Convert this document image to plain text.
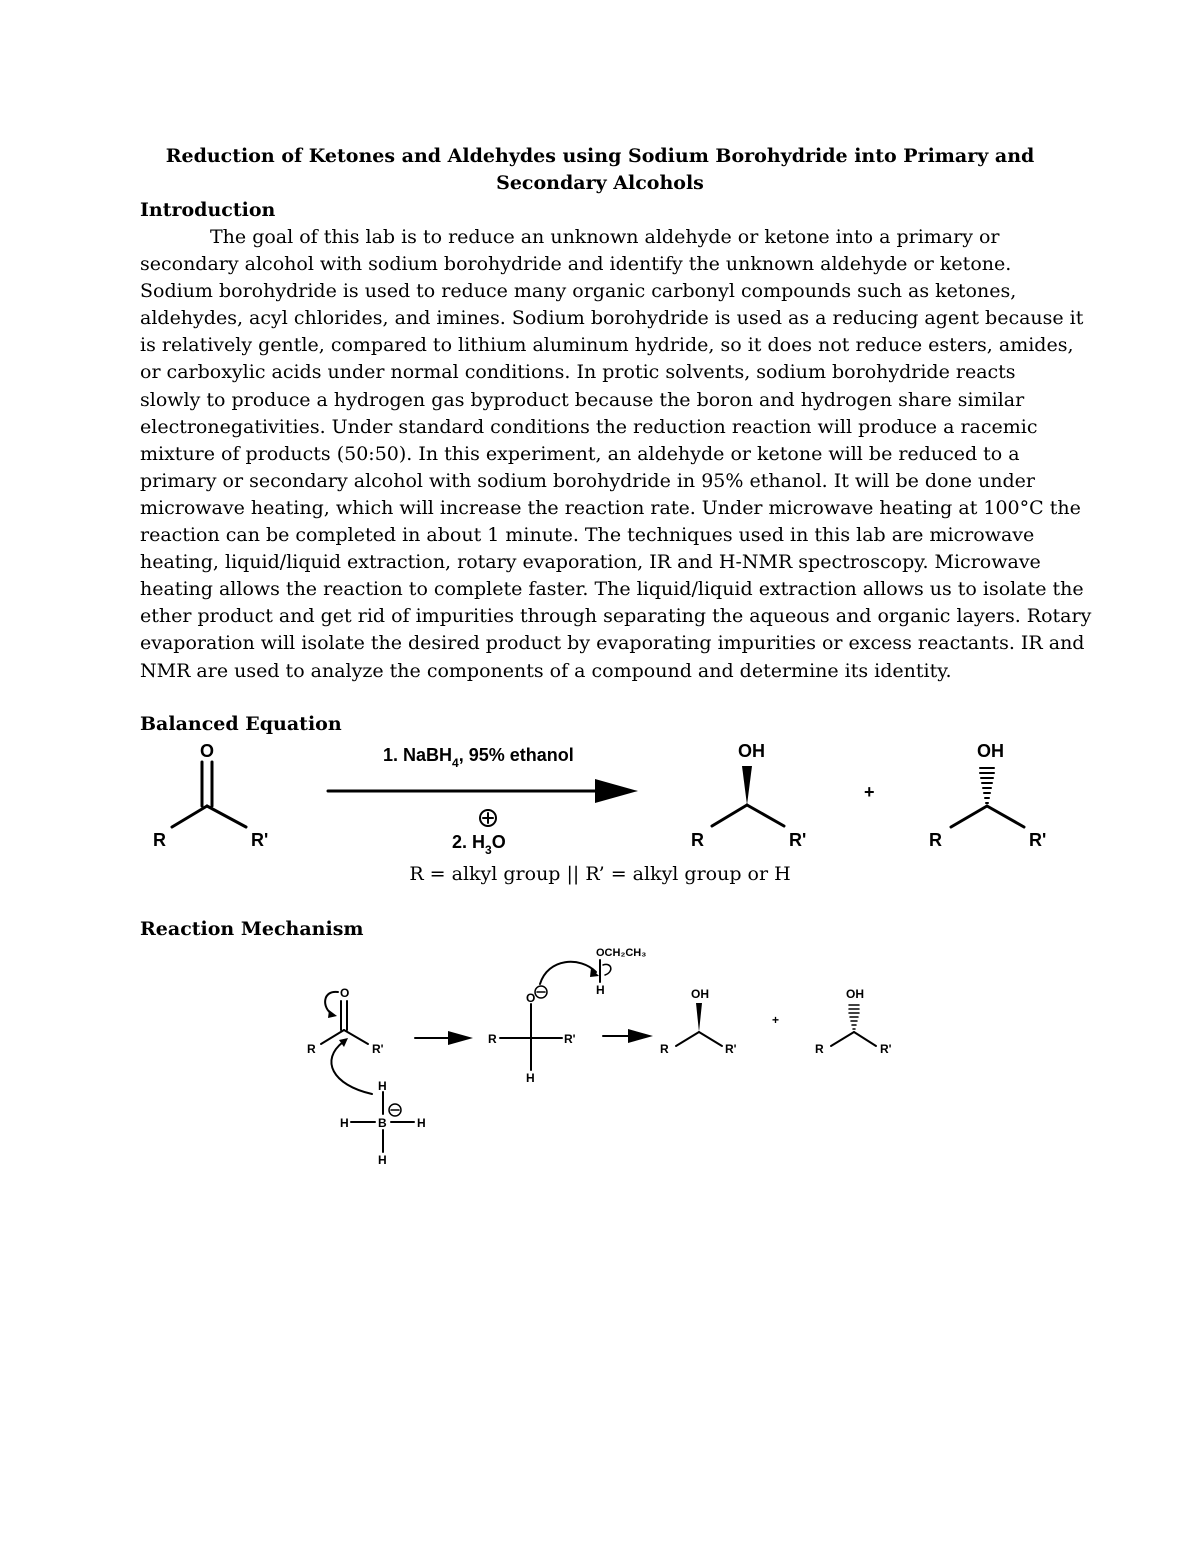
Reduction of Ketones and Aldehydes using Sodium Borohydride into Primary and
Secondary Alcohols
Introduction
The goal of this lab is to reduce an unknown aldehyde or ketone into a primary or
secondary alcohol with sodium borohydride and identify the unknown aldehyde or ketone.
Sodium borohydride is used to reduce many organic carbonyl compounds such as ketones,
aldehydes, acyl chlorides, and imines. Sodium borohydride is used as a reducing agent because it
is relatively gentle, compared to lithium aluminum hydride, so it does not reduce esters, amides,
or carboxylic acids under normal conditions. In protic solvents, sodium borohydride reacts
slowly to produce a hydrogen gas byproduct because the boron and hydrogen share similar
electronegativities. Under standard conditions the reduction reaction will produce a racemic
mixture of products (50:50). In this experiment, an aldehyde or ketone will be reduced to a
primary or secondary alcohol with sodium borohydride in 95% ethanol. It will be done under
microwave heating, which will increase the reaction rate. Under microwave heating at 100°C the
reaction can be completed in about 1 minute. The techniques used in this lab are microwave
heating, liquid/liquid extraction, rotary evaporation, IR and H-NMR spectroscopy. Microwave
heating allows the reaction to complete faster. The liquid/liquid extraction allows us to isolate the
ether product and get rid of impurities through separating the aqueous and organic layers. Rotary
evaporation will isolate the desired product by evaporating impurities or excess reactants. IR and
NMR are used to analyze the components of a compound and determine its identity.
Balanced Equation
O
R	R'
1. NaBH$_4$, 95% ethanol
2. $H_3O$
OH
R	R'
+
OH
R	R'
R = alkyl group || R’ = alkyl group or H
Reaction Mechanism
O
R	R'
H
B
H
H	H
O
R	R'
H
OCH₂CH₃
H	OH
R	R'
+
OH
R	R'
